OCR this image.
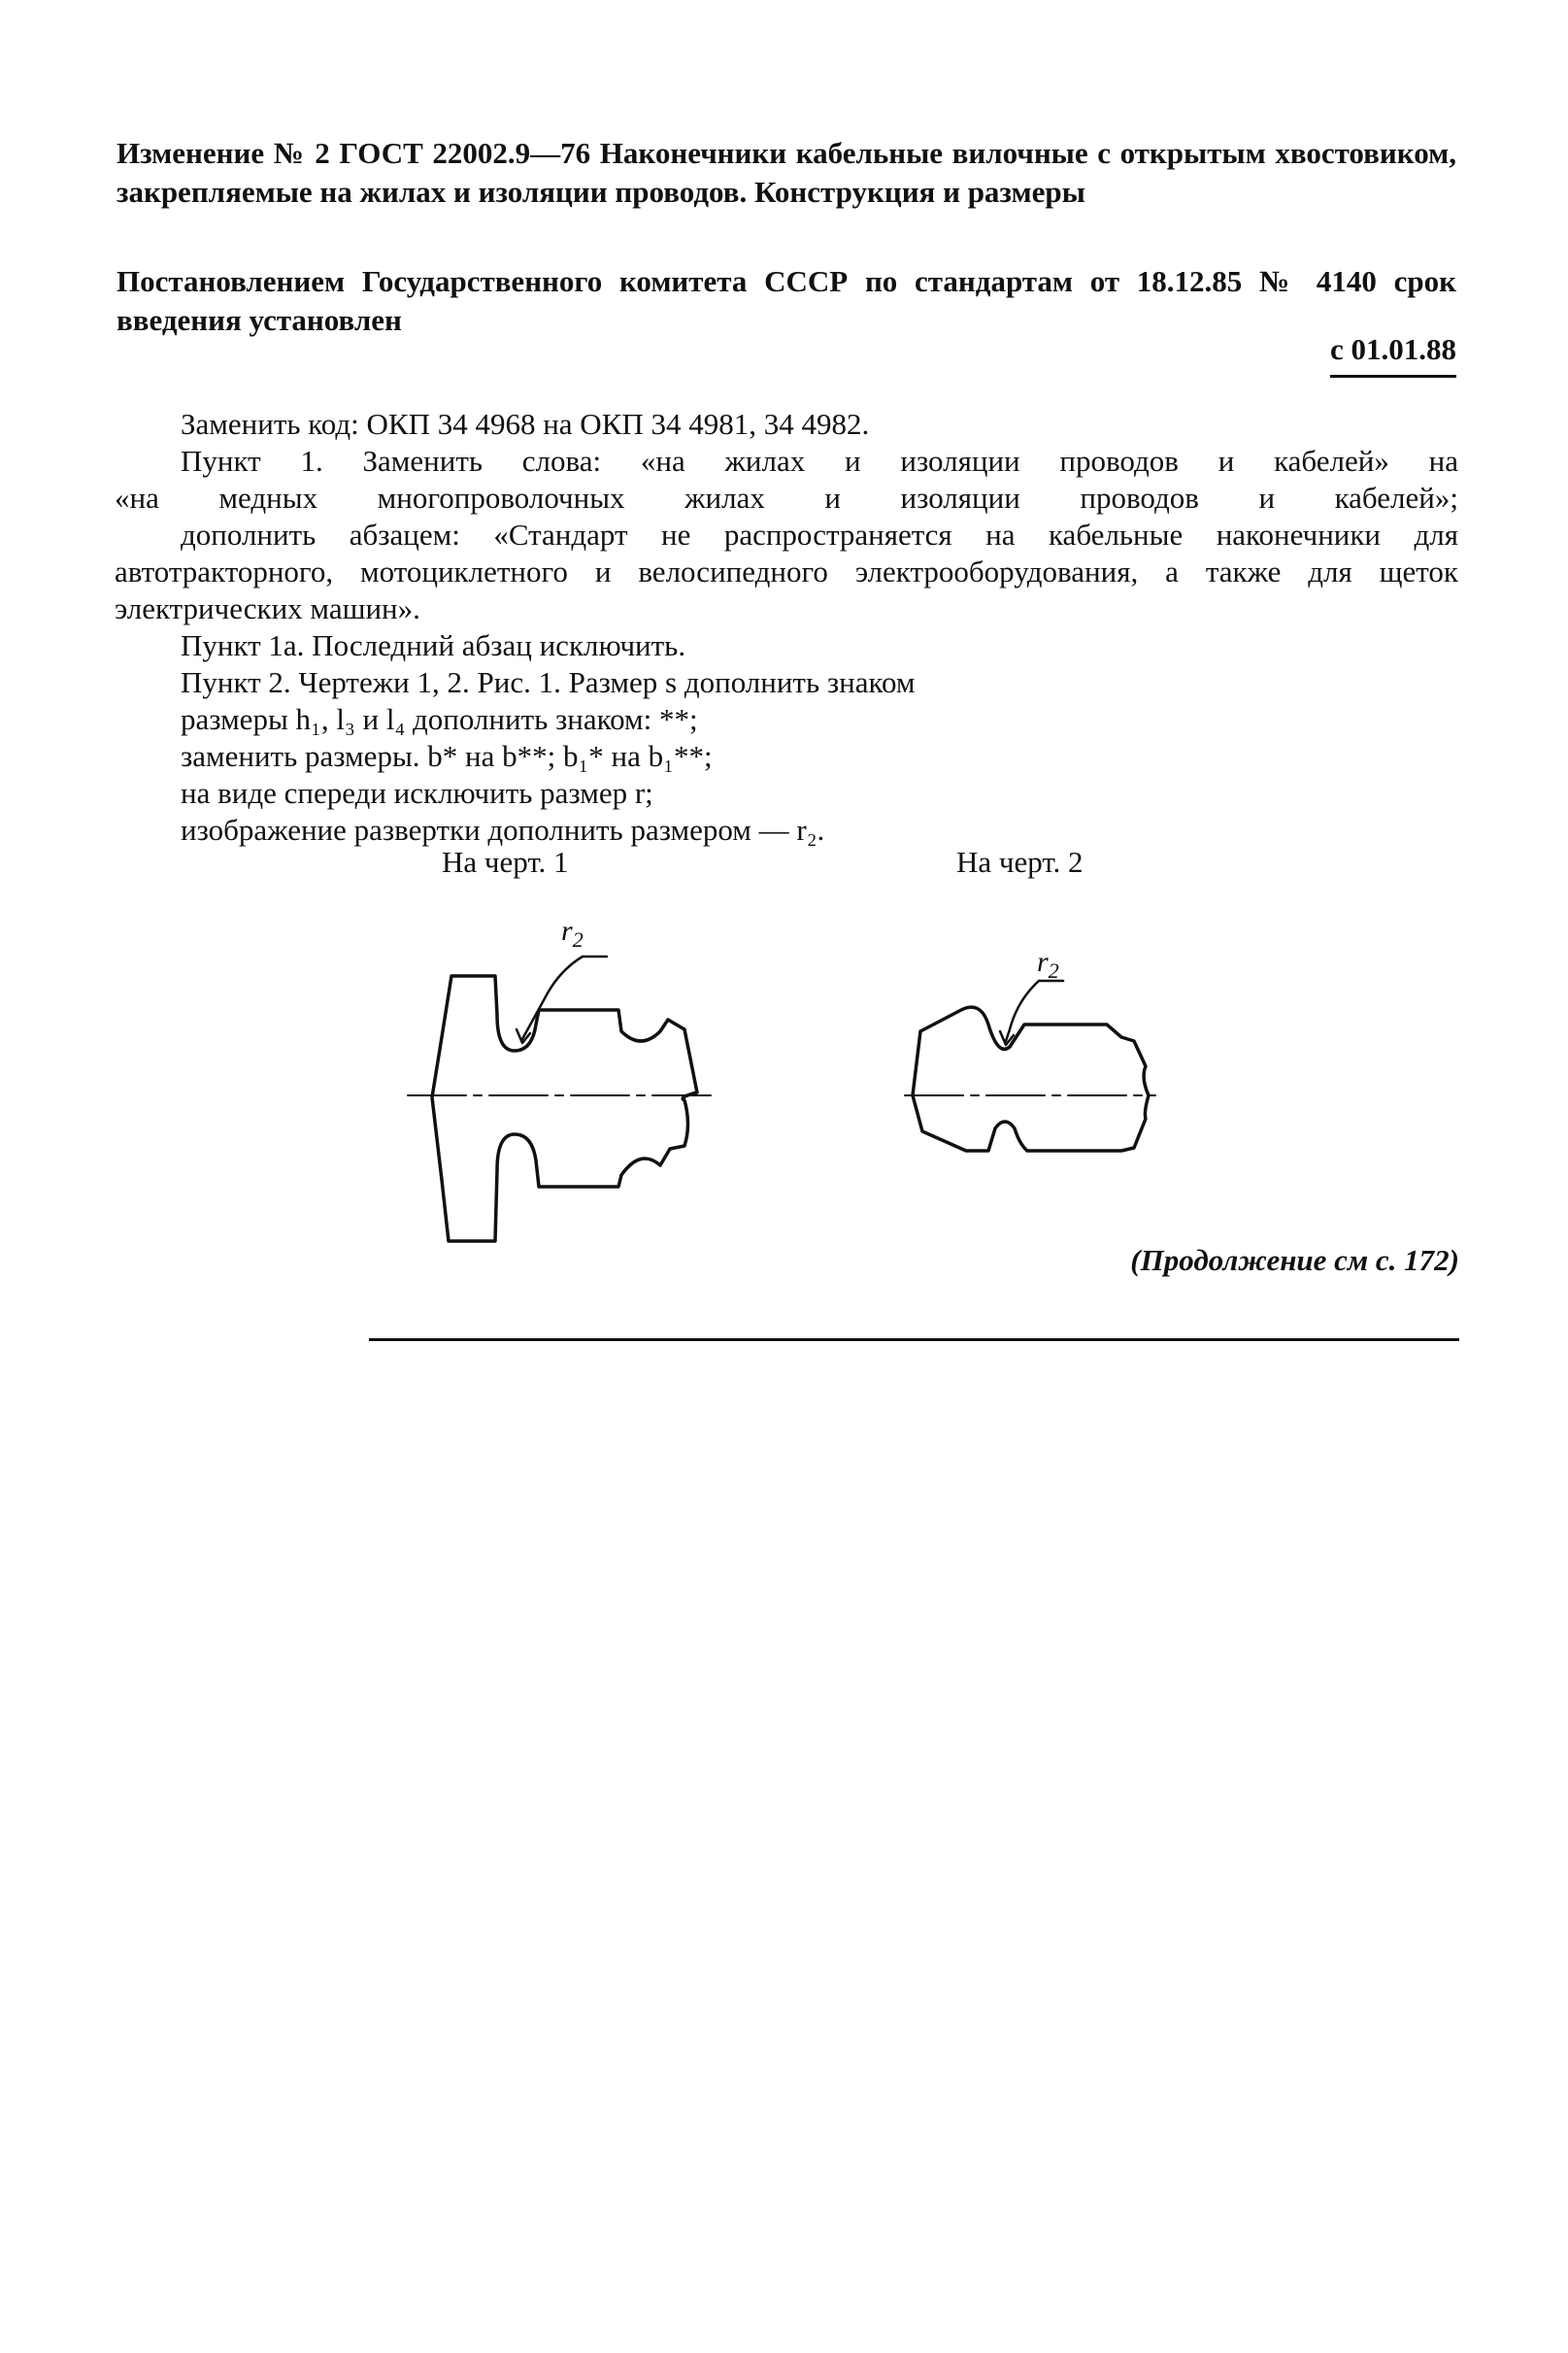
Изменение № 2 ГОСТ 22002.9—76 Наконечники кабельные вилочные с открытым хвостовиком, закрепляемые на жилах и изоляции проводов. Конструкция и размеры
Постановлением Государственного комитета СССР по стандартам от 18.12.85 № 4140 срок введения установлен
с 01.01.88

Заменить код: ОКП 34 4968 на ОКП 34 4981, 34 4982.

Пункт 1. Заменить слова: «на жилах и изоляции проводов и кабелей» на

«на медных многопроволочных жилах и изоляции проводов и кабелей»;

дополнить абзацем: «Стандарт не распространяется на кабельные наконечники для автотракторного, мотоциклетного и велосипедного электрооборудования, а также для щеток электрических машин».

Пункт 1а. Последний абзац исключить.

Пункт 2. Чертежи 1, 2. Рис. 1. Размер s дополнить знаком

размеры h₁, l₃ и l₄ дополнить знаком: **;

заменить размеры. b* на b**; b₁* на b₁**;

на виде спереди исключить размер r;

изображение развертки дополнить размером — r₂.

На черт. 1	На черт. 2
$r_2$
$r_2$
(Продолжение см с. 172)
